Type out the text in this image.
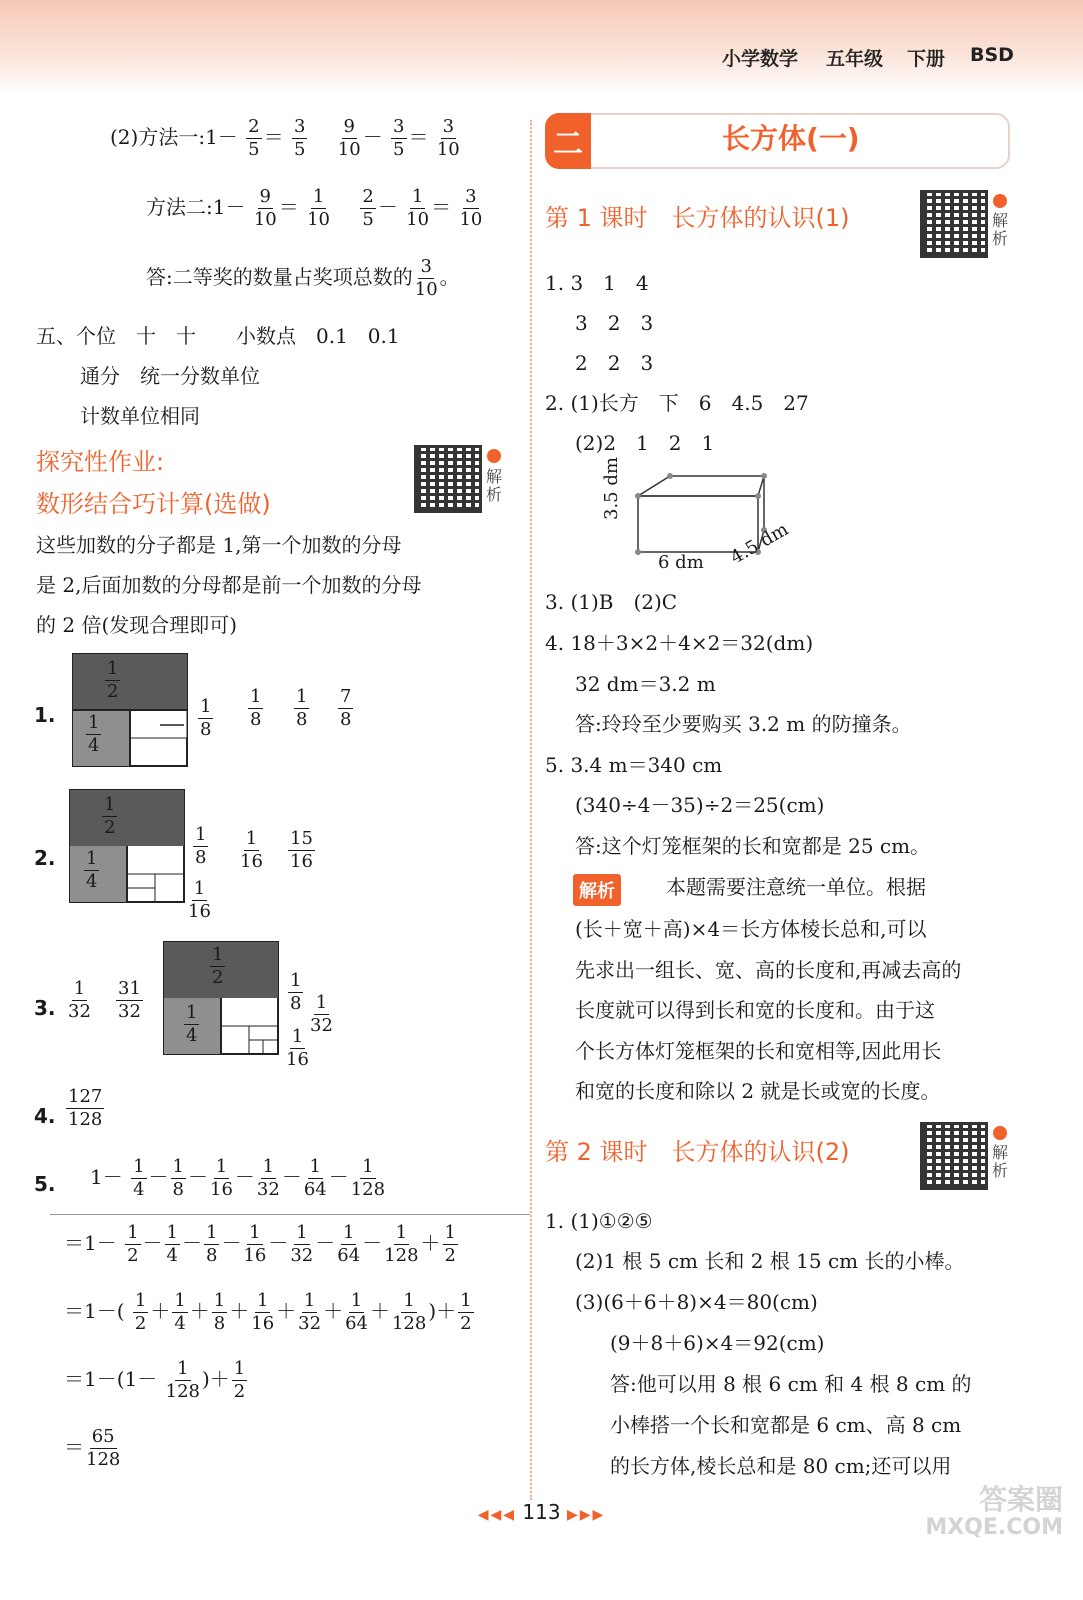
小学数学 五年级 下册 BSD
(2)方法一:1－ $\frac{2}{5} = \frac{3}{5}$
　 $\frac{9}{10} - \frac{3}{5} = \frac{3}{10}$
方法二:1－ $\frac{9}{10} = \frac{1}{10}$
　 $\frac{2}{5} - \frac{1}{10} = \frac{3}{10}$
答:二等奖的数量占奖项总数的 $\frac{3}{10}$ 。
五、个位　十　十　　小数点　0.1　0.1
通分　统一分数单位
计数单位相同
探究性作业:
数形结合巧计算(选做)
解析
这些加数的分子都是 1,第一个加数的分母
是 2,后面加数的分母都是前一个加数的分母
的 2 倍(发现合理即可)
1.
$\frac{1}{2}$
$\frac{1}{4}$	$\frac{1}{8} \frac{1}{8} \frac{1}{8} \frac{7}{8}$
2.
$\frac{1}{2}$
$\frac{1}{4}$
$\frac{1}{8} \frac{1}{16} \frac{15}{16}$
$\frac{1}{16}$
3. $\frac{1}{32} \frac{31}{32}$
$\frac{1}{2}$
$\frac{1}{4}$
$\frac{1}{8}$
$\frac{1}{32}$
$\frac{1}{16}$
4. $\frac{127}{128}$
5. $1- \frac{1}{4} - \frac{1}{8} - \frac{1}{16} - \frac{1}{32} - \frac{1}{64} - \frac{1}{128}$
$=1- \frac{1}{2} - \frac{1}{4} - \frac{1}{8} - \frac{1}{16} - \frac{1}{32} - \frac{1}{64} - \frac{1}{128} + \frac{1}{2}$
$=1-( \frac{1}{2} + \frac{1}{4} + \frac{1}{8} + \frac{1}{16} + \frac{1}{32} + \frac{1}{64} + \frac{1}{128}$ )＋ $\frac{1}{2}$
$=1-(1- \frac{1}{128}$ )＋ $\frac{1}{2}$
＝ $\frac{65}{128}$
二	长方体(一)
第 1 课时　长方体的认识(1)	解析
1. 3　1　4
3　2　3
2　2　3
2. (1)长方　下　6　4.5　27
(2)2　1　2　1
3.5 dm
6 dm 4.5 dm
3. (1)B　(2)C
4. 18＋3×2＋4×2＝32(dm)
32 dm＝3.2 m
答:玲玲至少要购买 3.2 m 的防撞条。
5. 3.4 m＝340 cm
(340÷4－35)÷2＝25(cm)
答:这个灯笼框架的长和宽都是 25 cm。
解析	本题需要注意统一单位。根据
(长＋宽＋高)×4＝长方体棱长总和,可以
先求出一组长、宽、高的长度和,再减去高的
长度就可以得到长和宽的长度和。由于这
个长方体灯笼框架的长和宽相等,因此用长
和宽的长度和除以 2 就是长或宽的长度。
第 2 课时　长方体的认识(2)	解析
1. (1)①②⑤
(2)1 根 5 cm 长和 2 根 15 cm 长的小棒。
(3)(6＋6＋8)×4＝80(cm)
(9＋8＋6)×4＝92(cm)
答:他可以用 8 根 6 cm 和 4 根 8 cm 的
小棒搭一个长和宽都是 6 cm、高 8 cm
的长方体,棱长总和是 80 cm;还可以用
◀◀◀ 113 ▶▶▶	答案圈
MXQE.COM
